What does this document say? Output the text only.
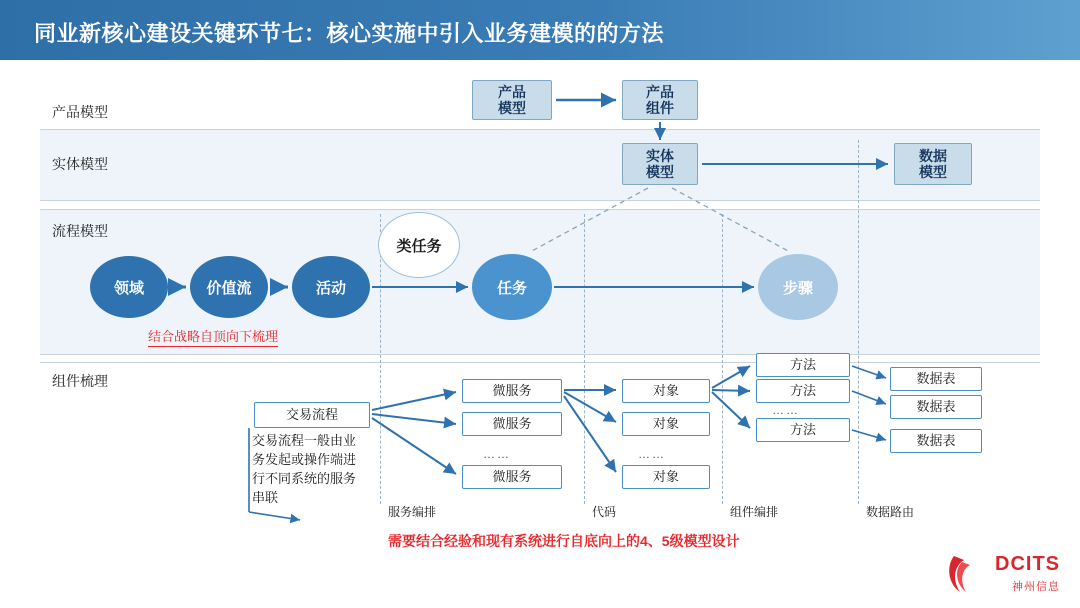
同业新核心建设关键环节七：核心实施中引入业务建模的的方法
产品模型
实体模型
流程模型
组件梳理
产品
模型
产品
组件
实体
模型
数据
模型
领域	价值流	活动
类任务
任务	步骤
结合战略自顶向下梳理
交易流程
交易流程一般由业务发起或操作端进行不同系统的服务串联
微服务
微服务
微服务
……
对象
对象
对象
……
方法
方法
方法
……
数据表
数据表
数据表
服务编排	代码	组件编排	数据路由
需要结合经验和现有系统进行自底向上的4、5级模型设计
DCITS
神州信息
